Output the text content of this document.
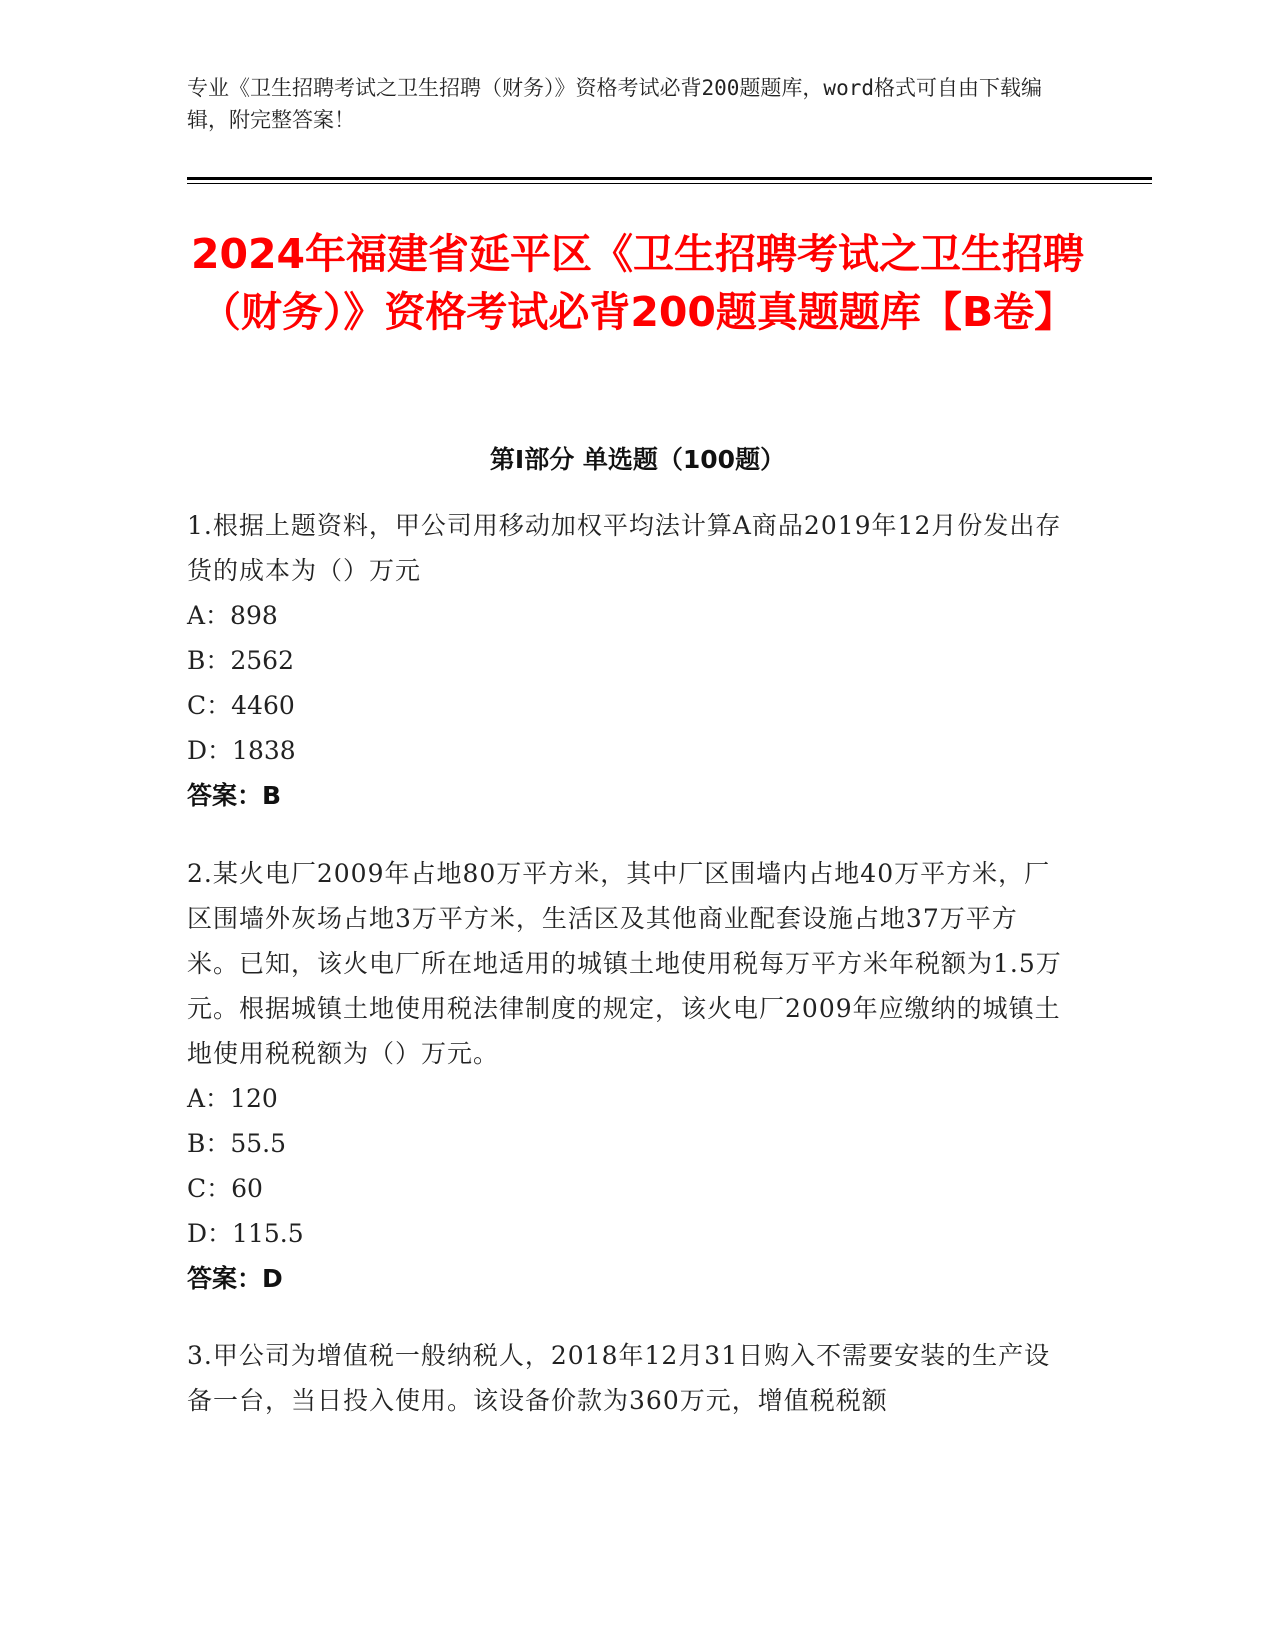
专业《卫生招聘考试之卫生招聘（财务）》资格考试必背200题题库，word格式可自由下载编辑，附完整答案！
2024年福建省延平区《卫生招聘考试之卫生招聘（财务）》资格考试必背200题真题题库【B卷】
第I部分 单选题（100题）
1.根据上题资料，甲公司用移动加权平均法计算A商品2019年12月份发出存货的成本为（）万元
A：898
B：2562
C：4460
D：1838
答案：B
2.某火电厂2009年占地80万平方米，其中厂区围墙内占地40万平方米，厂区围墙外灰场占地3万平方米，生活区及其他商业配套设施占地37万平方米。已知，该火电厂所在地适用的城镇土地使用税每万平方米年税额为1.5万元。根据城镇土地使用税法律制度的规定，该火电厂2009年应缴纳的城镇土地使用税税额为（）万元。
A：120
B：55.5
C：60
D：115.5
答案：D
3.甲公司为增值税一般纳税人，2018年12月31日购入不需要安装的生产设备一台，当日投入使用。该设备价款为360万元，增值税税额
